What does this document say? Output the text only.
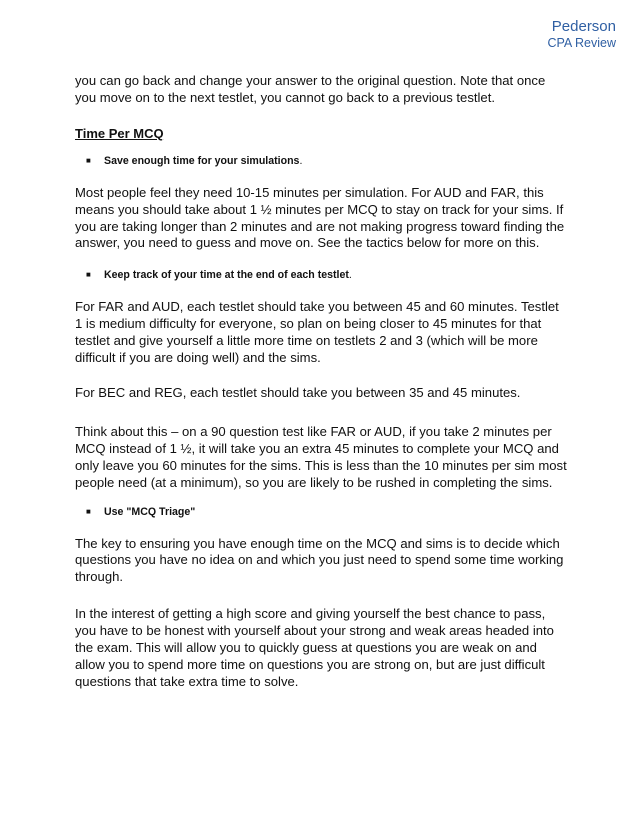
Pederson
CPA Review

you can go back and change your answer to the original question. Note that once you move on to the next testlet, you cannot go back to a previous testlet.

Time Per MCQ

■ Save enough time for your simulations.

Most people feel they need 10-15 minutes per simulation. For AUD and FAR, this means you should take about 1 ½ minutes per MCQ to stay on track for your sims. If you are taking longer than 2 minutes and are not making progress toward finding the answer, you need to guess and move on. See the tactics below for more on this.

■ Keep track of your time at the end of each testlet.

For FAR and AUD, each testlet should take you between 45 and 60 minutes. Testlet 1 is medium difficulty for everyone, so plan on being closer to 45 minutes for that testlet and give yourself a little more time on testlets 2 and 3 (which will be more difficult if you are doing well) and the sims.

For BEC and REG, each testlet should take you between 35 and 45 minutes.

Think about this – on a 90 question test like FAR or AUD, if you take 2 minutes per MCQ instead of 1 ½, it will take you an extra 45 minutes to complete your MCQ and only leave you 60 minutes for the sims. This is less than the 10 minutes per sim most people need (at a minimum), so you are likely to be rushed in completing the sims.

■ Use "MCQ Triage"

The key to ensuring you have enough time on the MCQ and sims is to decide which questions you have no idea on and which you just need to spend some time working through.

In the interest of getting a high score and giving yourself the best chance to pass, you have to be honest with yourself about your strong and weak areas headed into the exam. This will allow you to quickly guess at questions you are weak on and allow you to spend more time on questions you are strong on, but are just difficult questions that take extra time to solve.
